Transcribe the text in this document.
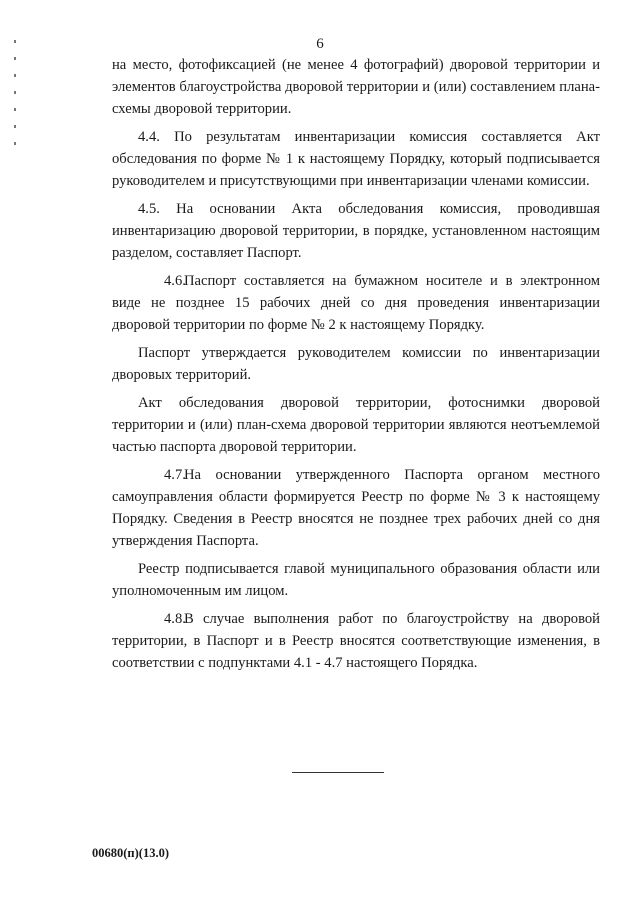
6

на место, фотофиксацией (не менее 4 фотографий) дворовой территории и элементов благоустройства дворовой территории и (или) составлением плана-схемы дворовой территории.

4.4. По результатам инвентаризации комиссия составляется Акт обследования по форме № 1 к настоящему Порядку, который подписывается руководителем и присутствующими при инвентаризации членами комиссии.

4.5. На основании Акта обследования комиссия, проводившая инвентаризацию дворовой территории, в порядке, установленном настоящим разделом, составляет Паспорт.

4.6.Паспорт составляется на бумажном носителе и в электронном виде не позднее 15 рабочих дней со дня проведения инвентаризации дворовой территории по форме № 2 к настоящему Порядку.

Паспорт утверждается руководителем комиссии по инвентаризации дворовых территорий.

Акт обследования дворовой территории, фотоснимки дворовой территории и (или) план-схема дворовой территории являются неотъемлемой частью паспорта дворовой территории.

4.7.На основании утвержденного Паспорта органом местного самоуправления области формируется Реестр по форме № 3 к настоящему Порядку. Сведения в Реестр вносятся не позднее трех рабочих дней со дня утверждения Паспорта.

Реестр подписывается главой муниципального образования области или уполномоченным им лицом.

4.8.В случае выполнения работ по благоустройству на дворовой территории, в Паспорт и в Реестр вносятся соответствующие изменения, в соответствии с подпунктами 4.1 - 4.7 настоящего Порядка.

00680(п)(13.0)
